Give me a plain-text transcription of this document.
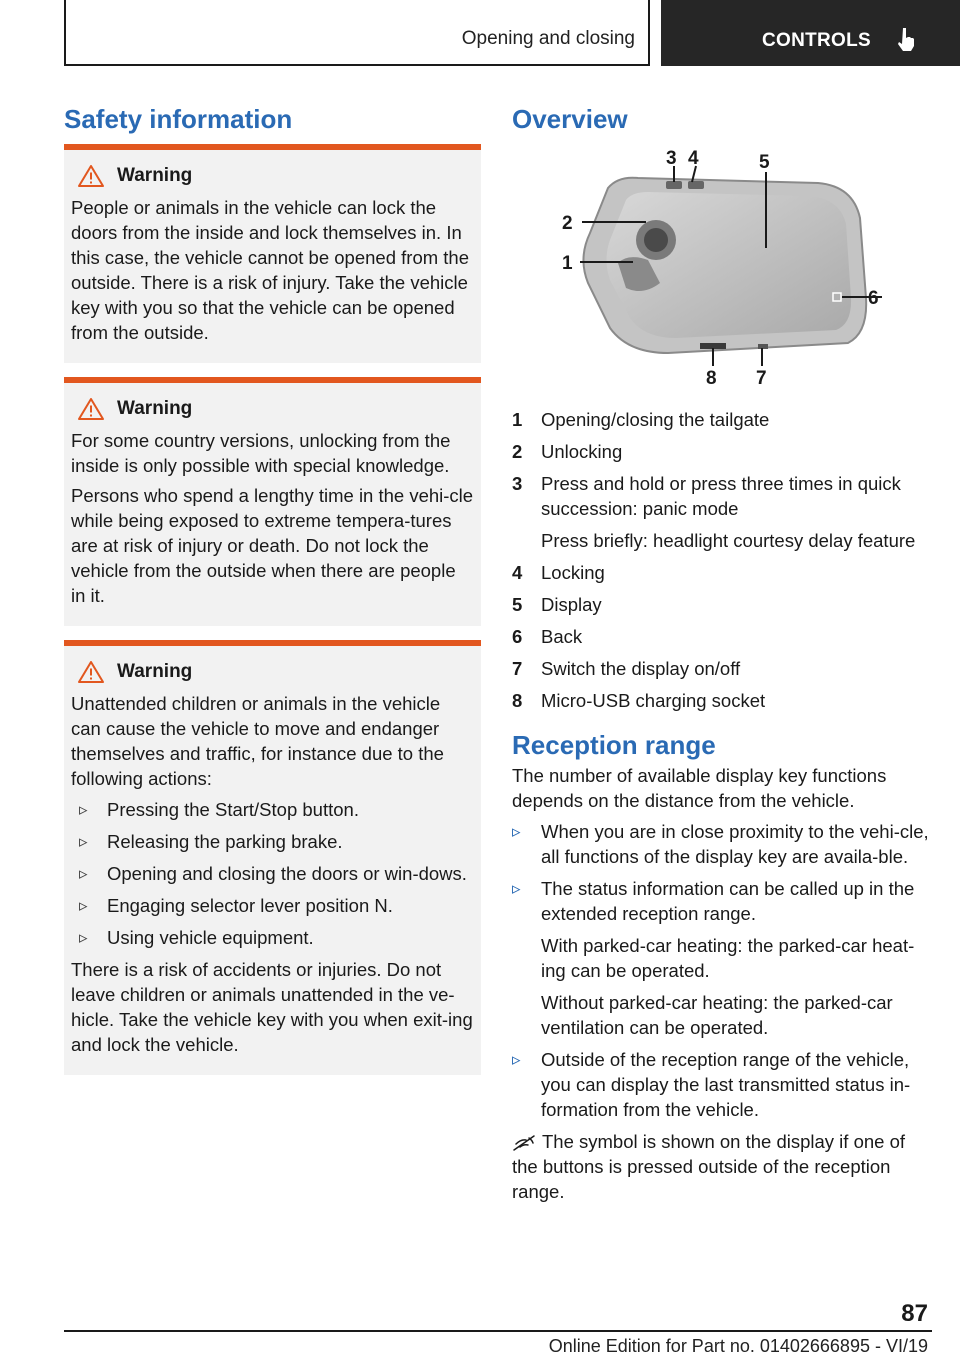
Opening and closing	CONTROLS
Safety information
Warning

People or animals in the vehicle can lock the doors from the inside and lock themselves in. In this case, the vehicle cannot be opened from the outside. There is a risk of injury. Take the vehicle key with you so that the vehicle can be opened from the outside.

Warning

For some country versions, unlocking from the inside is only possible with special knowledge.

Persons who spend a lengthy time in the vehi‐cle while being exposed to extreme tempera‐tures are at risk of injury or death. Do not lock the vehicle from the outside when there are people in it.

Warning

Unattended children or animals in the vehicle can cause the vehicle to move and endanger themselves and traffic, for instance due to the following actions:

▹ Pressing the Start/Stop button.
▹ Releasing the parking brake.
▹ Opening and closing the doors or win‐dows.
▹ Engaging selector lever position N.
▹ Using vehicle equipment.

There is a risk of accidents or injuries. Do not leave children or animals unattended in the ve‐hicle. Take the vehicle key with you when exit‐ing and lock the vehicle.

Overview
1
2
3 4	5
6
7
8
1	Opening/closing the tailgate
2	Unlocking
3	Press and hold or press three times in quick succession: panic mode
Press briefly: headlight courtesy delay feature
4	Locking
5	Display
6	Back
7	Switch the display on/off
8	Micro-USB charging socket
Reception range

The number of available display key functions depends on the distance from the vehicle.

▹ When you are in close proximity to the vehi‐cle, all functions of the display key are availa‐ble.
▹ The status information can be called up in the extended reception range.
With parked-car heating: the parked-car heat‐ing can be operated.
Without parked-car heating: the parked-car ventilation can be operated.
▹ Outside of the reception range of the vehicle, you can display the last transmitted status in‐formation from the vehicle.

The symbol is shown on the display if one of the buttons is pressed outside of the reception range.

87
Online Edition for Part no. 01402666895 - VI/19
